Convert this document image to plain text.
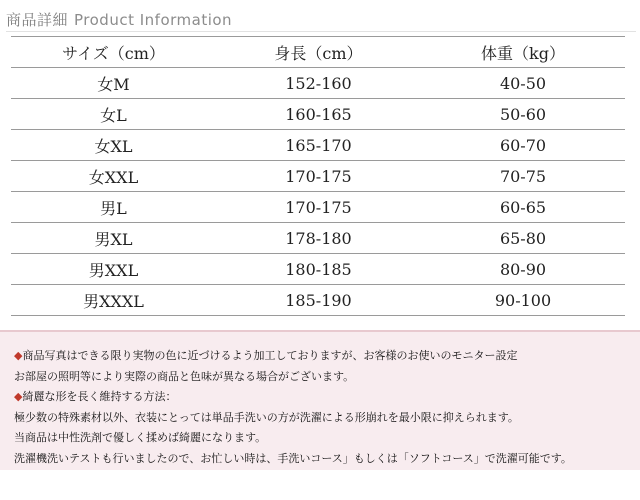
商品詳細 Product Information
サイズ（cm）	身長（cm）	体重（kg）
女M	152-160	40-50
女L	160-165	50-60
女XL	165-170	60-70
女XXL	170-175	70-75
男L	170-175	60-65
男XL	178-180	65-80
男XXL	180-185	80-90
男XXXL	185-190	90-100
◆商品写真はできる限り実物の色に近づけるよう加工しておりますが、お客様のお使いのモニター設定
お部屋の照明等により実際の商品と色味が異なる場合がございます。
◆綺麗な形を長く維持する方法：
極少数の特殊素材以外、衣装にとっては単品手洗いの方が洗濯による形崩れを最小限に抑えられます。
当商品は中性洗剤で優しく揉めば綺麗になります。
洗濯機洗いテストも行いましたので、お忙しい時は、手洗いコース」もしくは「ソフトコース」で洗濯可能です。
